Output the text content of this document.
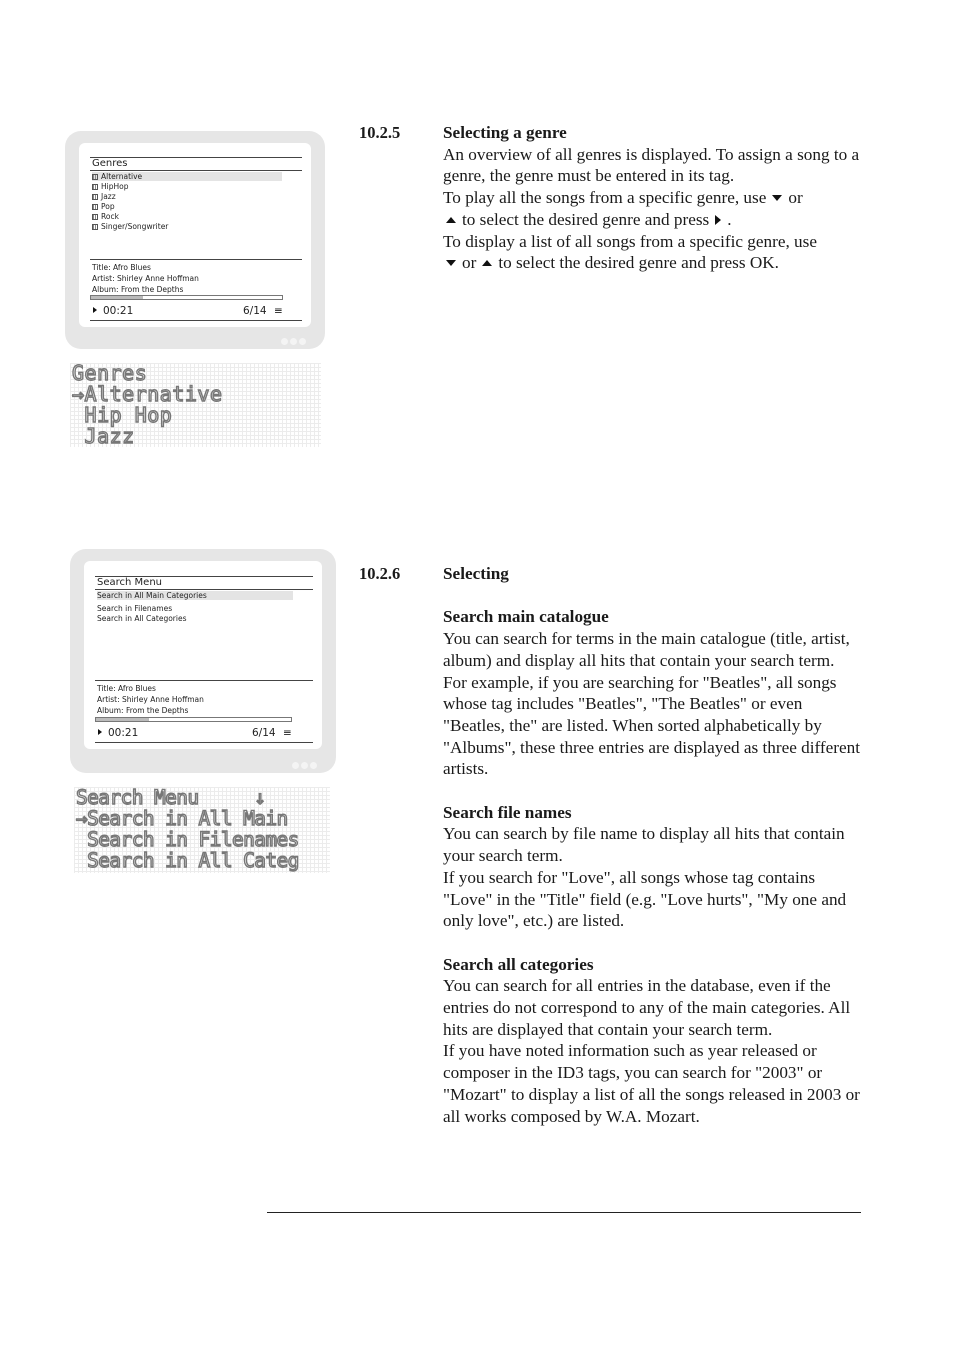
Genres
Alternative
HipHop
Jazz
Pop
Rock
Singer/Songwriter
Title: Afro Blues
Artist: Shirley Anne Hoffman
Album: From the Depths
00:21	6/14 ≡
Genres
→Alternative
Hip Hop
Jazz
Search Menu
Search in All Main Categories
Search in Filenames
Search in All Categories
Title: Afro Blues
Artist: Shirley Anne Hoffman
Album: From the Depths
00:21	6/14 ≡
Search Menu     ↓
→Search in All Main
Search in Filenames
Search in All Categ
10.2.5 Selecting a genre

An overview of all genres is displayed. To assign a song to a genre, the genre must be entered in its tag.

To play all the songs from a specific genre, use or
to select the desired genre and press .

To display a list of all songs from a specific genre, use
or to select the desired genre and press OK.

10.2.6 Selecting

Search main catalogue

You can search for terms in the main catalogue (title, artist, album) and display all hits that contain your search term.

For example, if you are searching for "Beatles", all songs whose tag includes "Beatles", "The Beatles" or even "Beatles, the" are listed. When sorted alphabetically by "Albums", these three entries are displayed as three different artists.

Search file names

You can search by file name to display all hits that contain your search term.

If you search for "Love", all songs whose tag contains "Love" in the "Title" field (e.g. "Love hurts", "My one and only love", etc.) are listed.

Search all categories

You can search for all entries in the database, even if the entries do not correspond to any of the main categories. All hits are displayed that contain your search term.

If you have noted information such as year released or composer in the ID3 tags, you can search for "2003" or "Mozart" to display a list of all the songs released in 2003 or all works composed by W.A. Mozart.
